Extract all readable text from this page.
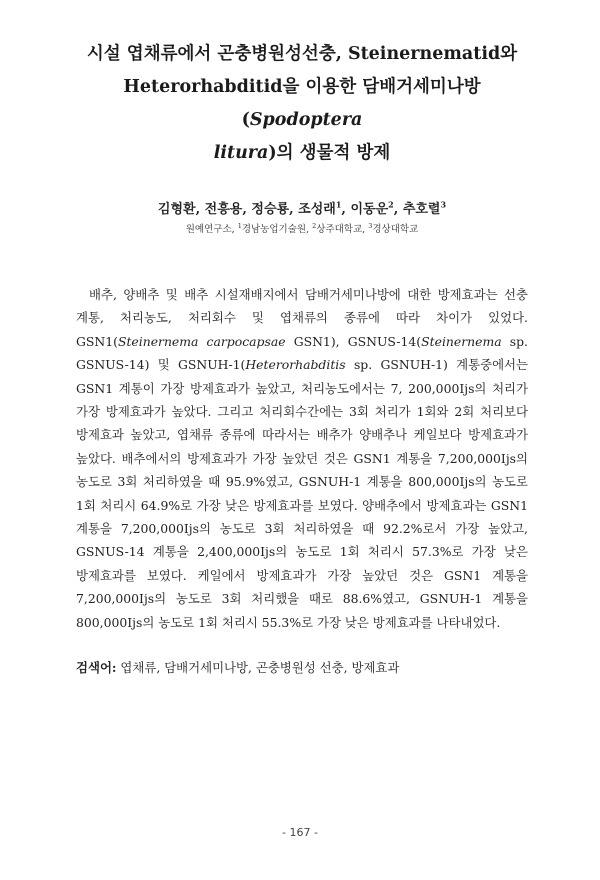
시설 엽채류에서 곤충병원성선충, Steinernematid와
Heterorhabditid을 이용한 담배거세미나방(Spodoptera
litura)의 생물적 방제
김형환, 전흥용, 정승룡, 조성래$^1$, 이동운$^2$, 추호렬$^3$
원예연구소, $^1$경남농업기술원, $^2$상주대학교, $^3$경상대학교
배추, 양배추 및 배추 시설재배지에서 담배거세미나방에 대한 방제효과는 선충 계통, 처리농도, 처리회수 및 엽채류의 종류에 따라 차이가 있었다. GSN1(Steinernema carpocapsae GSN1), GSNUS-14(Steinernema sp. GSNUS-14) 및 GSNUH-1(Heterorhabditis sp. GSNUH-1) 계통중에서는 GSN1 계통이 가장 방제효과가 높았고, 처리농도에서는 7, 200,000Ijs의 처리가 가장 방제효과가 높았다. 그리고 처리회수간에는 3회 처리가 1회와 2회 처리보다 방제효과 높았고, 엽채류 종류에 따라서는 배추가 양배추나 케일보다 방제효과가 높았다. 배추에서의 방제효과가 가장 높았던 것은 GSN1 계통을 7,200,000Ijs의 농도로 3회 처리하였을 때 95.9%였고, GSNUH-1 계통을 800,000Ijs의 농도로 1회 처리시 64.9%로 가장 낮은 방제효과를 보였다. 양배추에서 방제효과는 GSN1 계통을 7,200,000Ijs의 농도로 3회 처리하였을 때 92.2%로서 가장 높았고, GSNUS-14 계통을 2,400,000Ijs의 농도로 1회 처리시 57.3%로 가장 낮은 방제효과를 보였다. 케일에서 방제효과가 가장 높았던 것은 GSN1 계통을 7,200,000Ijs의 농도로 3회 처리했을 때로 88.6%였고, GSNUH-1 계통을 800,000Ijs의 농도로 1회 처리시 55.3%로 가장 낮은 방제효과를 나타내었다.
검색어: 엽채류, 담배거세미나방, 곤충병원성 선충, 방제효과
- 167 -
